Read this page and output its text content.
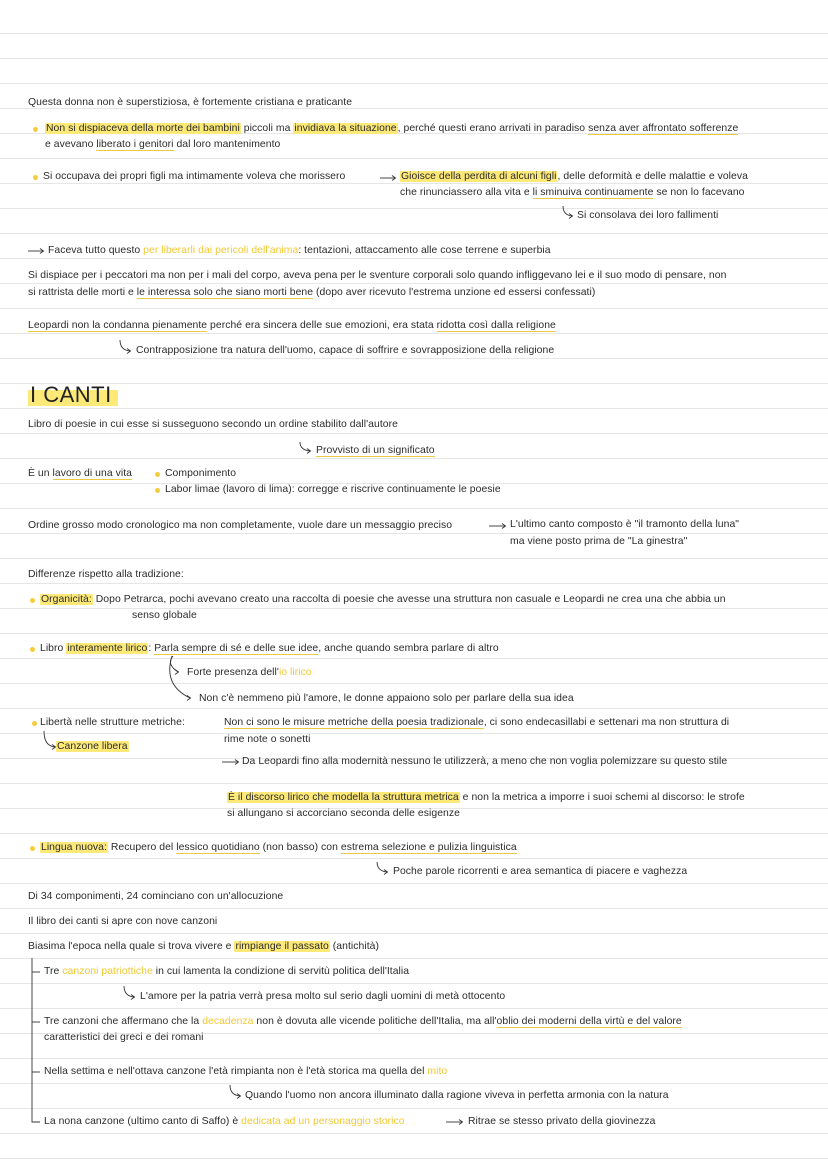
Questa donna non è superstiziosa, è fortemente cristiana e praticante
Non si dispiaceva della morte dei bambini piccoli ma invidiava la situazione, perché questi erano arrivati in paradiso senza aver affrontato sofferenze
e avevano liberato i genitori dal loro mantenimento
Si occupava dei propri figli ma intimamente voleva che morissero	Gioisce della perdita di alcuni figli, delle deformità e delle malattie e voleva
che rinunciassero alla vita e li sminuiva continuamente se non lo facevano
Si consolava dei loro fallimenti
Faceva tutto questo per liberarli dai pericoli dell'anima: tentazioni, attaccamento alle cose terrene e superbia
Si dispiace per i peccatori ma non per i mali del corpo, aveva pena per le sventure corporali solo quando infliggevano lei e il suo modo di pensare, non
si rattrista delle morti e le interessa solo che siano morti bene (dopo aver ricevuto l'estrema unzione ed essersi confessati)
Leopardi non la condanna pienamente perché era sincera delle sue emozioni, era stata ridotta così dalla religione
Contrapposizione tra natura dell'uomo, capace di soffrire e sovrapposizione della religione
I CANTI
Libro di poesie in cui esse si susseguono secondo un ordine stabilito dall'autore
Provvisto di un significato
È un lavoro di una vita	Componimento
Labor limae (lavoro di lima): corregge e riscrive continuamente le poesie
Ordine grosso modo cronologico ma non completamente, vuole dare un messaggio preciso	L'ultimo canto composto è "il tramonto della luna"
ma viene posto prima de "La ginestra"
Differenze rispetto alla tradizione:
Organicità: Dopo Petrarca, pochi avevano creato una raccolta di poesie che avesse una struttura non casuale e Leopardi ne crea una che abbia un
senso globale
Libro interamente lirico: Parla sempre di sé e delle sue idee, anche quando sembra parlare di altro
Forte presenza dell'io lirico
Non c'è nemmeno più l'amore, le donne appaiono solo per parlare della sua idea
Libertà nelle strutture metriche:	Non ci sono le misure metriche della poesia tradizionale, ci sono endecasillabi e settenari ma non struttura di
rime note o sonetti
Canzone libera
Da Leopardi fino alla modernità nessuno le utilizzerà, a meno che non voglia polemizzare su questo stile
È il discorso lirico che modella la struttura metrica e non la metrica a imporre i suoi schemi al discorso: le strofe
si allungano si accorciano seconda delle esigenze
Lingua nuova: Recupero del lessico quotidiano (non basso) con estrema selezione e pulizia linguistica
Poche parole ricorrenti e area semantica di piacere e vaghezza
Di 34 componimenti, 24 cominciano con un'allocuzione
Il libro dei canti si apre con nove canzoni
Biasima l'epoca nella quale si trova vivere e rimpiange il passato (antichità)
Tre canzoni patriottiche in cui lamenta la condizione di servitù politica dell'Italia
L'amore per la patria verrà presa molto sul serio dagli uomini di metà ottocento
Tre canzoni che affermano che la decadenza non è dovuta alle vicende politiche dell'Italia, ma all'oblio dei moderni della virtù e del valore
caratteristici dei greci e dei romani
Nella settima e nell'ottava canzone l'età rimpianta non è l'età storica ma quella del mito
Quando l'uomo non ancora illuminato dalla ragione viveva in perfetta armonia con la natura
La nona canzone (ultimo canto di Saffo) è dedicata ad un personaggio storico	Ritrae se stesso privato della giovinezza
